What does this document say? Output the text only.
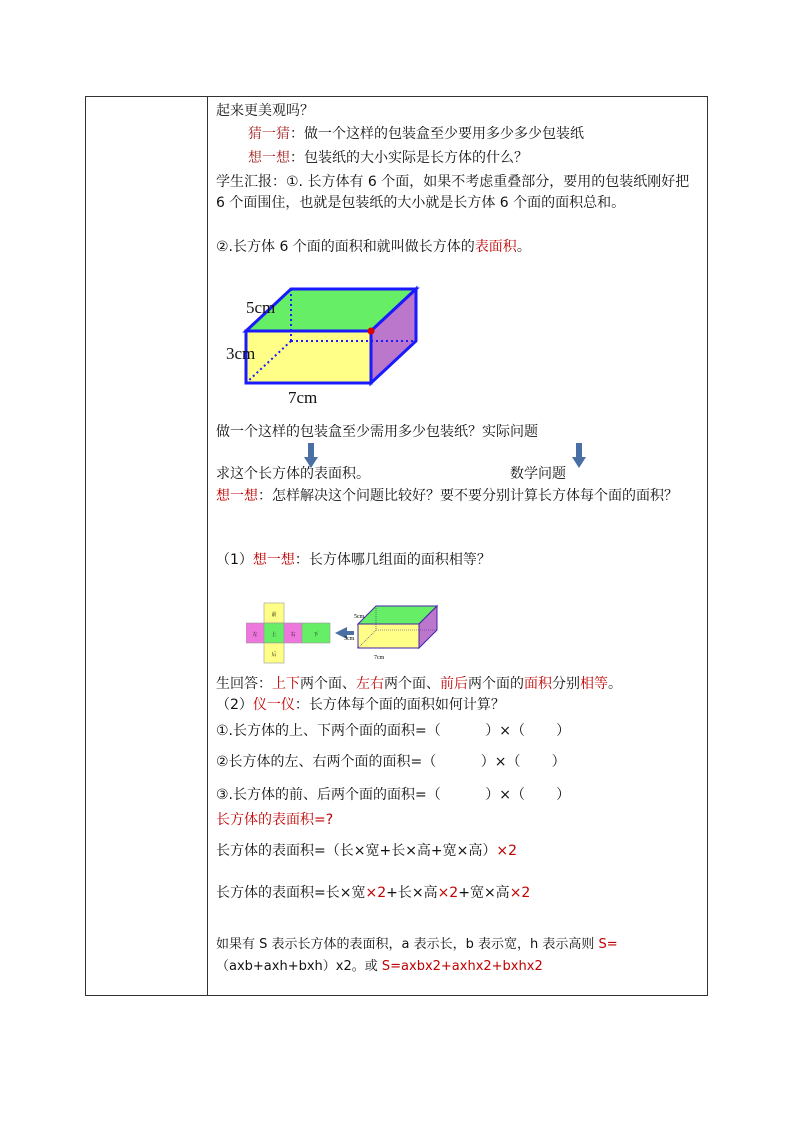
起来更美观吗？
猜一猜：做一个这样的包装盒至少要用多少多少包装纸
想一想：包装纸的大小实际是长方体的什么？
学生汇报：①. 长方体有 6 个面，如果不考虑重叠部分，要用的包装纸刚好把 6 个面围住，也就是包装纸的大小就是长方体 6 个面的面积总和。
②.长方体 6 个面的面积和就叫做长方体的表面积。
5cm
3cm
7cm
做一个这样的包装盒至少需用多少包装纸？实际问题
求这个长方体的表面积。	数学问题
想一想：怎样解决这个问题比较好？要不要分别计算长方体每个面的面积？
（1）想一想：长方体哪几组面的面积相等？
前
左	上	右	下
后
5cm
3cm
7cm
生回答：上下两个面、左右两个面、前后两个面的面积分别相等。
（2）仪一仪：长方体每个面的面积如何计算？
①.长方体的上、下两个面的面积=（          ）×（       ）
②长方体的左、右两个面的面积=（          ）×（       ）
③.长方体的前、后两个面的面积=（          ）×（       ）
长方体的表面积=?
长方体的表面积=（长×宽+长×高+宽×高）×2
长方体的表面积=长×宽×2+长×高×2+宽×高×2
如果有 S 表示长方体的表面积，a 表示长，b 表示宽，h 表示高则 S=（axb+axh+bxh）x2。或 S=axbx2+axhx2+bxhx2
